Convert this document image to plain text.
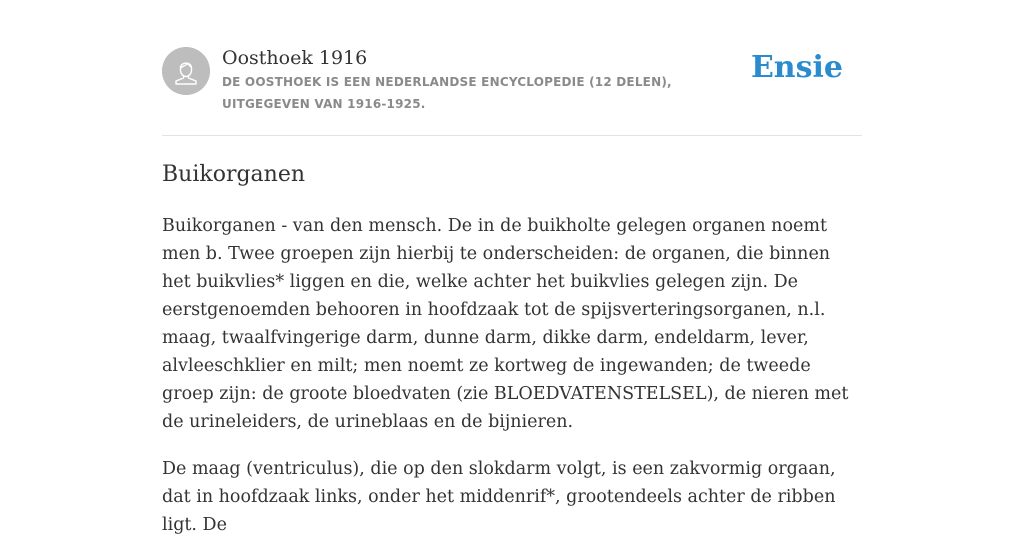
Oosthoek 1916
DE OOSTHOEK IS EEN NEDERLANDSE ENCYCLOPEDIE (12 DELEN), UITGEGEVEN VAN 1916-1925.
Ensie
Buikorganen

Buikorganen - van den mensch. De in de buikholte gelegen organen noemt men b. Twee groepen zijn hierbij te onderscheiden: de organen, die binnen het buikvlies* liggen en die, welke achter het buikvlies gelegen zijn. De eerstgenoemden behooren in hoofdzaak tot de spijsverteringsorganen, n.l. maag, twaalfvingerige darm, dunne darm, dikke darm, endeldarm, lever, alvleeschklier en milt; men noemt ze kortweg de ingewanden; de tweede groep zijn: de groote bloedvaten (zie BLOEDVATENSTELSEL), de nieren met de urineleiders, de urineblaas en de bijnieren.

De maag (ventriculus), die op den slokdarm volgt, is een zakvormig orgaan, dat in hoofdzaak links, onder het middenrif*, grootendeels achter de ribben ligt. De
